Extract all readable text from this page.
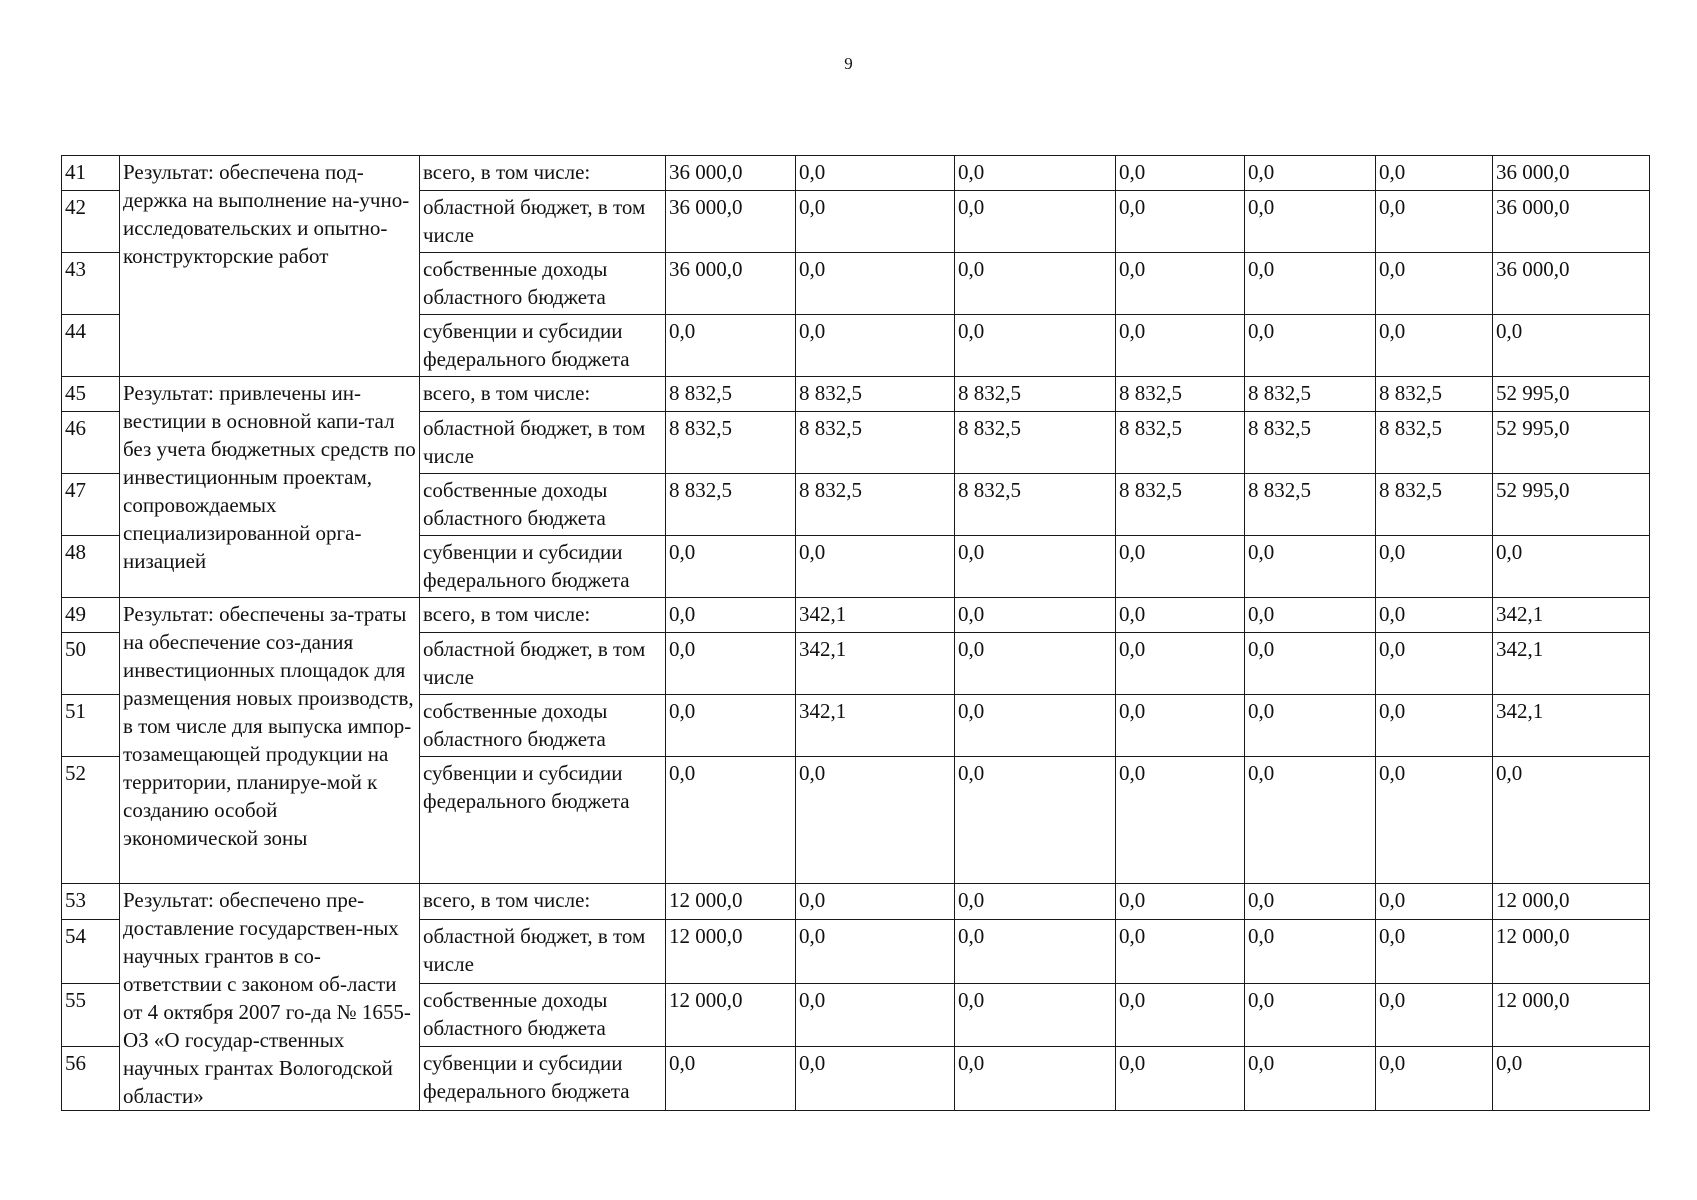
9
41	Результат: обеспечена под-держка на выполнение на-учно-исследовательских и опытно-конструкторские работ	всего, в том числе:	36 000,0	0,0	0,0	0,0	0,0	0,0	36 000,0
42		областной бюджет, в том числе	36 000,0	0,0	0,0	0,0	0,0	0,0	36 000,0
43		собственные доходы областного бюджета	36 000,0	0,0	0,0	0,0	0,0	0,0	36 000,0
44		субвенции и субсидии федерального бюджета	0,0	0,0	0,0	0,0	0,0	0,0	0,0
45	Результат: привлечены ин-вестиции в основной капи-тал без учета бюджетных средств по инвестиционным проектам, сопровождаемых специализированной орга-низацией	всего, в том числе:	8 832,5	8 832,5	8 832,5	8 832,5	8 832,5	8 832,5	52 995,0
46		областной бюджет, в том числе	8 832,5	8 832,5	8 832,5	8 832,5	8 832,5	8 832,5	52 995,0
47		собственные доходы областного бюджета	8 832,5	8 832,5	8 832,5	8 832,5	8 832,5	8 832,5	52 995,0
48		субвенции и субсидии федерального бюджета	0,0	0,0	0,0	0,0	0,0	0,0	0,0
49	Результат: обеспечены за-траты на обеспечение соз-дания инвестиционных площадок для размещения новых производств, в том числе для выпуска импор-тозамещающей продукции на территории, планируе-мой к созданию особой экономической зоны	всего, в том числе:	0,0	342,1	0,0	0,0	0,0	0,0	342,1
50		областной бюджет, в том числе	0,0	342,1	0,0	0,0	0,0	0,0	342,1
51		собственные доходы областного бюджета	0,0	342,1	0,0	0,0	0,0	0,0	342,1
52		субвенции и субсидии федерального бюджета	0,0	0,0	0,0	0,0	0,0	0,0	0,0
53	Результат: обеспечено пре-доставление государствен-ных научных грантов в со-ответствии с законом об-ласти от 4 октября 2007 го-да № 1655-ОЗ «О государ-ственных научных грантах Вологодской области»	всего, в том числе:	12 000,0	0,0	0,0	0,0	0,0	0,0	12 000,0
54		областной бюджет, в том числе	12 000,0	0,0	0,0	0,0	0,0	0,0	12 000,0
55		собственные доходы областного бюджета	12 000,0	0,0	0,0	0,0	0,0	0,0	12 000,0
56		субвенции и субсидии федерального бюджета	0,0	0,0	0,0	0,0	0,0	0,0	0,0
